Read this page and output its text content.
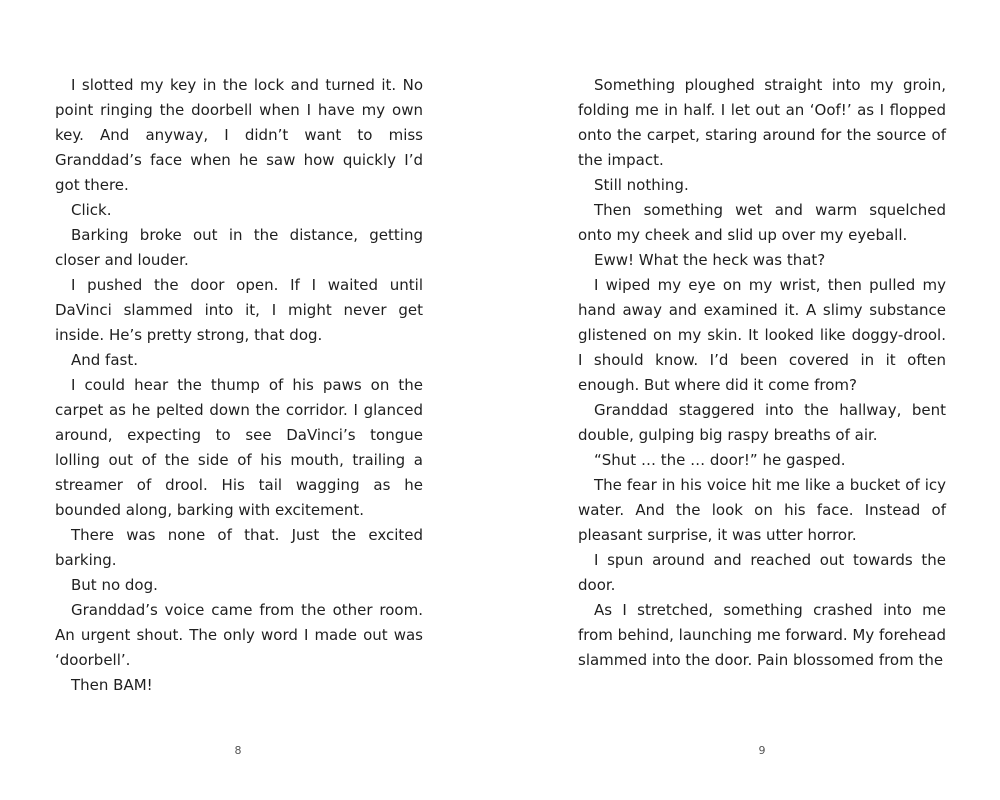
I slotted my key in the lock and turned it. No point ringing the doorbell when I have my own key. And anyway, I didn’t want to miss Granddad’s face when he saw how quickly I’d got there.

Click.

Barking broke out in the distance, getting closer and louder.

I pushed the door open. If I waited until DaVinci slammed into it, I might never get inside. He’s pretty strong, that dog.

And fast.

I could hear the thump of his paws on the carpet as he pelted down the corridor. I glanced around, expecting to see DaVinci’s tongue lolling out of the side of his mouth, trailing a streamer of drool. His tail wagging as he bounded along, barking with excitement.

There was none of that. Just the excited barking.

But no dog.

Granddad’s voice came from the other room. An urgent shout. The only word I made out was ‘doorbell’.

Then BAM!

Something ploughed straight into my groin, folding me in half. I let out an ‘Oof!’ as I flopped onto the carpet, staring around for the source of the impact.

Still nothing.

Then something wet and warm squelched onto my cheek and slid up over my eyeball.

Eww! What the heck was that?

I wiped my eye on my wrist, then pulled my hand away and examined it. A slimy substance glistened on my skin. It looked like doggy-drool. I should know. I’d been covered in it often enough. But where did it come from?

Granddad staggered into the hallway, bent double, gulping big raspy breaths of air.

“Shut … the … door!” he gasped.

The fear in his voice hit me like a bucket of icy water. And the look on his face. Instead of pleasant surprise, it was utter horror.

I spun around and reached out towards the door.

As I stretched, something crashed into me from behind, launching me forward. My forehead slammed into the door. Pain blossomed from the

8	9
